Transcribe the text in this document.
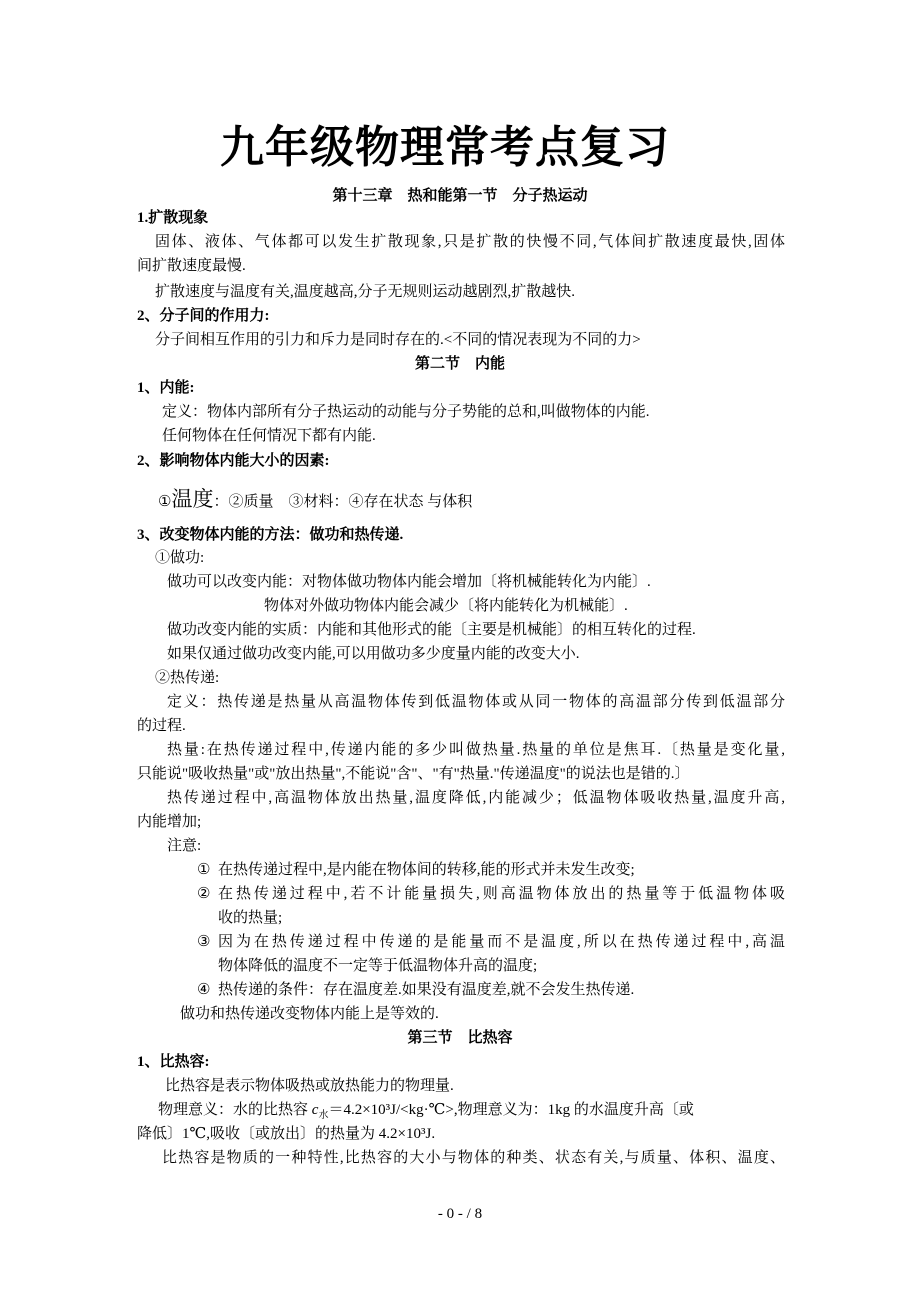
九年级物理常考点复习
第十三章　热和能第一节　分子热运动
1.扩散现象
固体、液体、气体都可以发生扩散现象,只是扩散的快慢不同,气体间扩散速度最快,固体
间扩散速度最慢.
扩散速度与温度有关,温度越高,分子无规则运动越剧烈,扩散越快.
2、分子间的作用力:
分子间相互作用的引力和斥力是同时存在的.<不同的情况表现为不同的力>
第二节　内能
1、内能:
定义：物体内部所有分子热运动的动能与分子势能的总和,叫做物体的内能.
任何物体在任何情况下都有内能.
2、影响物体内能大小的因素:
①温度：②质量　③材料：④存在状态 与体积
3、改变物体内能的方法：做功和热传递.
①做功:
做功可以改变内能：对物体做功物体内能会增加〔将机械能转化为内能〕.
物体对外做功物体内能会减少〔将内能转化为机械能〕.
做功改变内能的实质：内能和其他形式的能〔主要是机械能〕的相互转化的过程.
如果仅通过做功改变内能,可以用做功多少度量内能的改变大小.
②热传递:
定义：热传递是热量从高温物体传到低温物体或从同一物体的高温部分传到低温部分
的过程.
热量:在热传递过程中,传递内能的多少叫做热量.热量的单位是焦耳.〔热量是变化量,
只能说"吸收热量"或"放出热量",不能说"含"、"有"热量."传递温度"的说法也是错的.〕
热传递过程中,高温物体放出热量,温度降低,内能减少；低温物体吸收热量,温度升高,
内能增加;
注意:
① 在热传递过程中,是内能在物体间的转移,能的形式并未发生改变;
② 在热传递过程中,若不计能量损失,则高温物体放出的热量等于低温物体吸
收的热量;
③ 因为在热传递过程中传递的是能量而不是温度,所以在热传递过程中,高温
物体降低的温度不一定等于低温物体升高的温度;
④ 热传递的条件：存在温度差.如果没有温度差,就不会发生热传递.
做功和热传递改变物体内能上是等效的.
第三节　比热容
1、比热容:
比热容是表示物体吸热或放热能力的物理量.
物理意义：水的比热容 $c_水=4.2\times 10^3J/<kg\cdot℃>$,物理意义为：1kg 的水温度升高〔或
降低〕1℃,吸收〔或放出〕的热量为 4.2×10³J.
比热容是物质的一种特性,比热容的大小与物体的种类、状态有关,与质量、体积、温度、
- 0 - / 8
